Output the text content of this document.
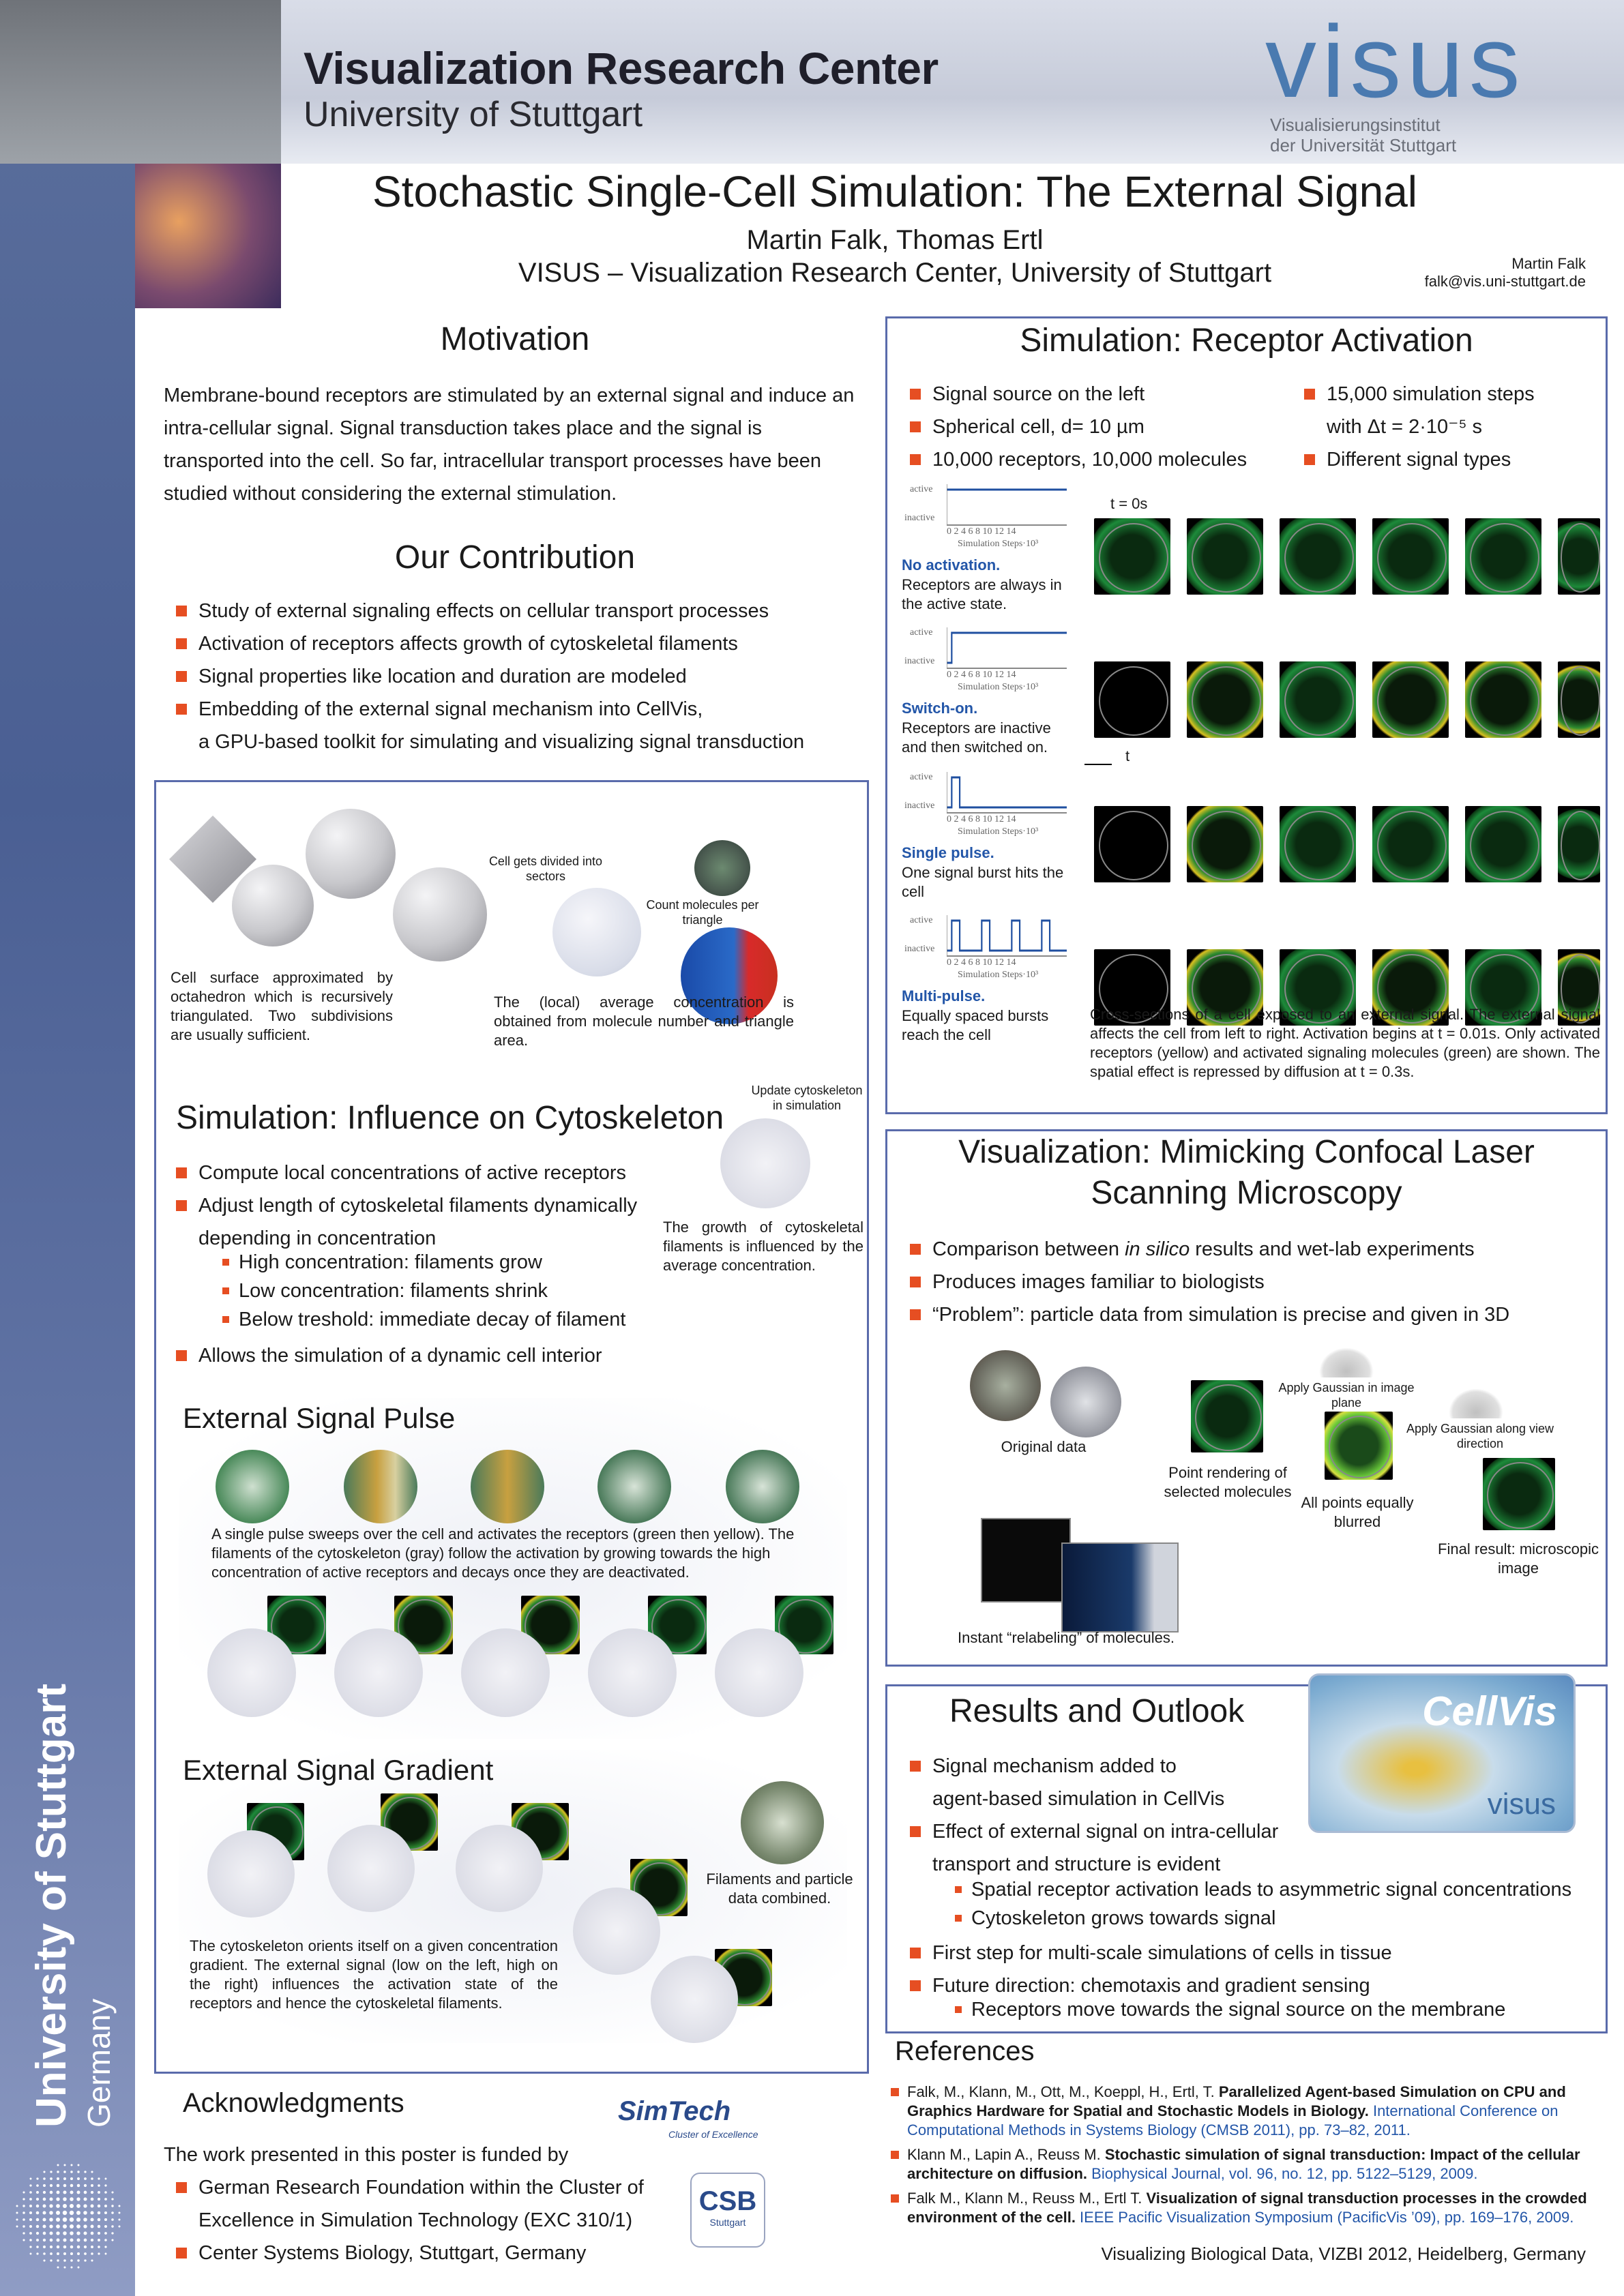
Visualization Research Center
University of Stuttgart	visus
Visualisierungsinstitut
der Universität Stuttgart
University of Stuttgart Germany
Stochastic Single-Cell Simulation: The External Signal
Martin Falk, Thomas Ertl
VISUS – Visualization Research Center, University of Stuttgart	Martin Falk
falk@vis.uni-stuttgart.de
Motivation
Membrane-bound receptors are stimulated by an external signal and induce an intra-cellular signal. Signal transduction takes place and the signal is transported into the cell. So far, intracellular transport processes have been studied without considering the external stimulation.
Our Contribution
Study of external signaling effects on cellular transport processes
Activation of receptors affects growth of cytoskeletal filaments
Signal properties like location and duration are modeled
Embedding of the external signal mechanism into CellVis,
a GPU-based toolkit for simulating and visualizing signal transduction
Cell surface approximated by octahedron which is recursively triangulated. Two subdivisions are usually sufficient.
Cell gets divided into sectors
Count molecules per triangle
The (local) average concentration is obtained from molecule number and triangle area.
Update cytoskeleton in simulation
The growth of cytoskeletal filaments is influenced by the average concentration.
Simulation: Influence on Cytoskeleton
Compute local concentrations of active receptors
Adjust length of cytoskeletal filaments dynamically
depending in concentration
High concentration: filaments grow
Low concentration: filaments shrink
Below treshold: immediate decay of filament
Allows the simulation of a dynamic cell interior
External Signal Pulse
A single pulse sweeps over the cell and activates the receptors (green then yellow). The filaments of the cytoskeleton (gray) follow the activation by growing towards the high concentration of active receptors and decays once they are deactivated.
External Signal Gradient
Filaments and particle data combined.
The cytoskeleton orients itself on a given concentration gradient. The external signal (low on the left, high on the right) influences the activation state of the receptors and hence the cytoskeletal filaments.
Acknowledgments
The work presented in this poster is funded by
German Research Foundation within the Cluster of
Center Systems Biology, Stuttgart, Germany
Excellence in Simulation Technology (EXC 310/1)
SimTech
Cluster of Excellence
CSB
Stuttgart
Simulation: Receptor Activation
Signal source on the left
Spherical cell, d= 10 µm
10,000 receptors, 10,000 molecules
15,000 simulation steps
Different signal types
with Δt = 2·10⁻⁵ s
t = 0s
t
active
inactive
0 2 4 6 8 10 12 14
Simulation Steps·10³
No activation.
Receptors are always in the active state.
active
inactive
0 2 4 6 8 10 12 14
Simulation Steps·10³
Switch-on.
Receptors are inactive and then switched on.
active
inactive
0 2 4 6 8 10 12 14
Simulation Steps·10³
Single pulse.
One signal burst hits the cell
active
inactive
0 2 4 6 8 10 12 14
Simulation Steps·10³
Multi-pulse.
Equally spaced bursts reach the cell
Cross-sections of a cell exposed to an external signal. The external signal affects the cell from left to right. Activation begins at t = 0.01s. Only activated receptors (yellow) and activated signaling molecules (green) are shown. The spatial effect is repressed by diffusion at t = 0.3s.
Visualization: Mimicking Confocal Laser
Scanning Microscopy
Comparison between in silico results and wet-lab experiments
Produces images familiar to biologists
“Problem”: particle data from simulation is precise and given in 3D
Original data
Point rendering of selected molecules
Apply Gaussian in image plane
All points equally blurred
Apply Gaussian along view direction
Final result: microscopic image
Instant “relabeling” of molecules.
Results and Outlook	CellVis
visus
Signal mechanism added to
Effect of external signal on intra-cellular
agent-based simulation in CellVis
transport and structure is evident
Spatial receptor activation leads to asymmetric signal concentrations
Cytoskeleton grows towards signal
First step for multi-scale simulations of cells in tissue
Future direction: chemotaxis and gradient sensing
Receptors move towards the signal source on the membrane
References
Falk, M., Klann, M., Ott, M., Koeppl, H., Ertl, T. Parallelized Agent-based Simulation on CPU and Graphics Hardware for Spatial and Stochastic Models in Biology. International Conference on Computational Methods in Systems Biology (CMSB 2011), pp. 73–82, 2011.
Klann M., Lapin A., Reuss M. Stochastic simulation of signal transduction: Impact of the cellular architecture on diffusion. Biophysical Journal, vol. 96, no. 12, pp. 5122–5129, 2009.
Falk M., Klann M., Reuss M., Ertl T. Visualization of signal transduction processes in the crowded environment of the cell. IEEE Pacific Visualization Symposium (PacificVis ’09), pp. 169–176, 2009.
Visualizing Biological Data, VIZBI 2012, Heidelberg, Germany
